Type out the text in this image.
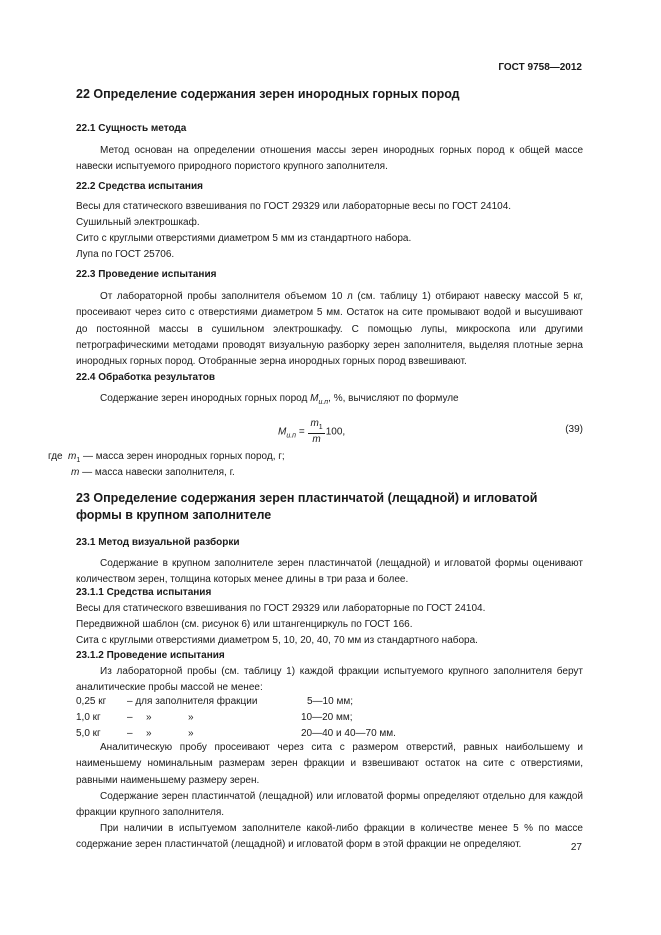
ГОСТ 9758—2012
22 Определение содержания зерен инородных горных пород
22.1 Сущность метода
Метод основан на определении отношения массы зерен инородных горных пород к общей массе навески испытуемого природного пористого крупного заполнителя.
22.2 Средства испытания
Весы для статического взвешивания по ГОСТ 29329 или лабораторные весы по ГОСТ 24104.
Сушильный электрошкаф.
Сито с круглыми отверстиями диаметром 5 мм из стандартного набора.
Лупа по ГОСТ 25706.
22.3 Проведение испытания
От лабораторной пробы заполнителя объемом 10 л (см. таблицу 1) отбирают навеску массой 5 кг, просеивают через сито с отверстиями диаметром 5 мм. Остаток на сите промывают водой и высушивают до постоянной массы в сушильном электрошкафу. С помощью лупы, микроскопа или другими петрографическими методами проводят визуальную разборку зерен заполнителя, выделяя плотные зерна инородных горных пород. Отобранные зерна инородных горных пород взвешивают.
22.4 Обработка результатов
Содержание зерен инородных горных пород $M_{и.п}$, %, вычисляют по формуле
$M_{и.п} = \frac{m_1}{m} 100$,	(39)
где $m_1$ — масса зерен инородных горных пород, г;
m — масса навески заполнителя, г.
23 Определение содержания зерен пластинчатой (лещадной) и игловатой формы в крупном заполнителе
23.1 Метод визуальной разборки
Содержание в крупном заполнителе зерен пластинчатой (лещадной) и игловатой формы оценивают количеством зерен, толщина которых менее длины в три раза и более.
23.1.1 Средства испытания
Весы для статического взвешивания по ГОСТ 29329 или лабораторные по ГОСТ 24104.
Передвижной шаблон (см. рисунок 6) или штангенциркуль по ГОСТ 166.
Сита с круглыми отверстиями диаметром 5, 10, 20, 40, 70 мм из стандартного набора.
23.1.2 Проведение испытания
Из лабораторной пробы (см. таблицу 1) каждой фракции испытуемого крупного заполнителя берут аналитические пробы массой не менее:
0,25 кг – для заполнителя фракции	5—10 мм;
1,0 кг	– »	»	10—20 мм;
5,0 кг	– »	»	20—40 и 40—70 мм.
Аналитическую пробу просеивают через сита с размером отверстий, равных наибольшему и наименьшему номинальным размерам зерен фракции и взвешивают остаток на сите с отверстиями, равными наименьшему размеру зерен.
Содержание зерен пластинчатой (лещадной) или игловатой формы определяют отдельно для каждой фракции крупного заполнителя.
При наличии в испытуемом заполнителе какой-либо фракции в количестве менее 5 % по массе содержание зерен пластинчатой (лещадной) и игловатой форм в этой фракции не определяют.	27
